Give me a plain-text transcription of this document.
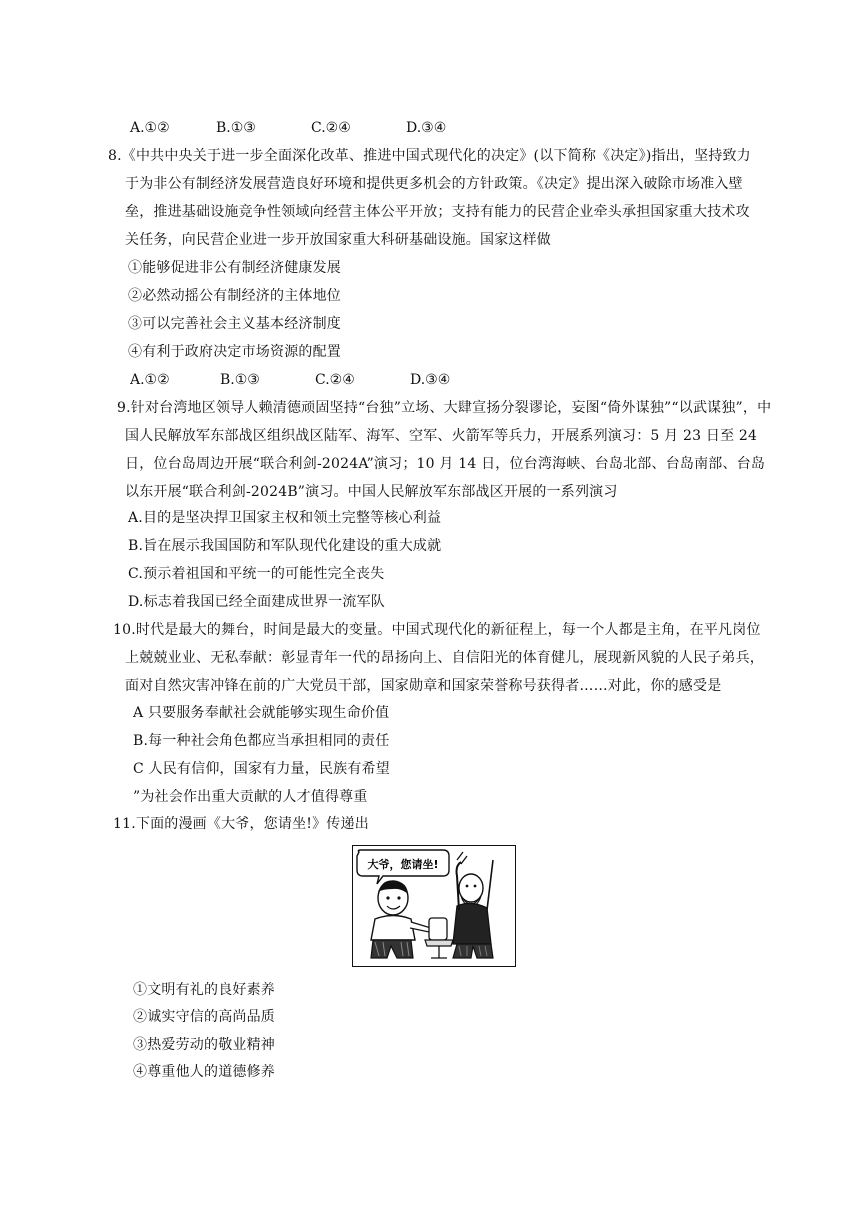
A.①②	B.①③	C.②④	D.③④
8.《中共中央关于进一步全面深化改革、推进中国式现代化的决定》(以下简称《决定》)指出，坚持致力
于为非公有制经济发展营造良好环境和提供更多机会的方针政策。《决定》提出深入破除市场准入壁
垒，推进基础设施竞争性领域向经营主体公平开放；支持有能力的民营企业牵头承担国家重大技术攻
关任务，向民营企业进一步开放国家重大科研基础设施。国家这样做
①能够促进非公有制经济健康发展
②必然动摇公有制经济的主体地位
③可以完善社会主义基本经济制度
④有利于政府决定市场资源的配置
A.①②	B.①③	C.②④	D.③④
9.针对台湾地区领导人赖清德顽固坚持“台独”立场、大肆宣扬分裂谬论，妄图“倚外谋独”“以武谋独”，中
国人民解放军东部战区组织战区陆军、海军、空军、火箭军等兵力，开展系列演习：5 月 23 日至 24
日，位台岛周边开展“联合利剑-2024A”演习；10 月 14 日，位台湾海峡、台岛北部、台岛南部、台岛
以东开展“联合利剑-2024B”演习。中国人民解放军东部战区开展的一系列演习
A.目的是坚决捍卫国家主权和领土完整等核心利益
B.旨在展示我国国防和军队现代化建设的重大成就
C.预示着祖国和平统一的可能性完全丧失
D.标志着我国已经全面建成世界一流军队
10.时代是最大的舞台，时间是最大的变量。中国式现代化的新征程上，每一个人都是主角，在平凡岗位
上兢兢业业、无私奉献：彰显青年一代的昂扬向上、自信阳光的体育健儿，展现新风貌的人民子弟兵，
面对自然灾害冲锋在前的广大党员干部，国家勋章和国家荣誉称号获得者……对此，你的感受是
A 只要服务奉献社会就能够实现生命价值
B.每一种社会角色都应当承担相同的责任
C 人民有信仰，国家有力量，民族有希望
”为社会作出重大贡献的人才值得尊重
11.下面的漫画《大爷，您请坐!》传递出
大爷，您请坐!
①文明有礼的良好素养
②诚实守信的高尚品质
③热爱劳动的敬业精神
④尊重他人的道德修养
